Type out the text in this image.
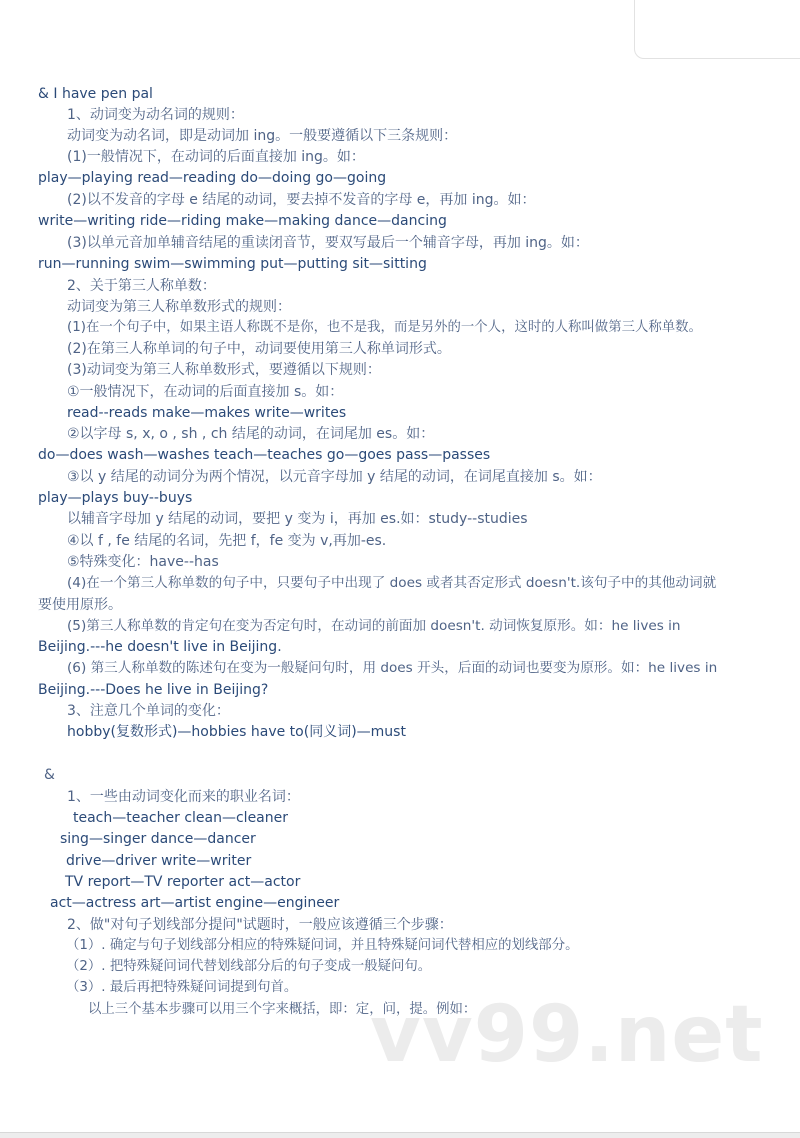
& I have pen pal
1、动词变为动名词的规则：
动词变为动名词，即是动词加 ing。一般要遵循以下三条规则：
(1)一般情况下，在动词的后面直接加 ing。如：
play—playing read—reading do—doing go—going
(2)以不发音的字母 e 结尾的动词，要去掉不发音的字母 e，再加 ing。如：
write—writing ride—riding make—making dance—dancing
(3)以单元音加单辅音结尾的重读闭音节，要双写最后一个辅音字母，再加 ing。如：
run—running swim—swimming put—putting sit—sitting
2、关于第三人称单数：
动词变为第三人称单数形式的规则：
(1)在一个句子中，如果主语人称既不是你，也不是我，而是另外的一个人，这时的人称叫做第三人称单数。
(2)在第三人称单词的句子中，动词要使用第三人称单词形式。
(3)动词变为第三人称单数形式，要遵循以下规则：
①一般情况下，在动词的后面直接加 s。如：
read--reads make—makes write—writes
②以字母 s, x, o , sh , ch 结尾的动词，在词尾加 es。如：
do—does wash—washes teach—teaches go—goes pass—passes
③以 y 结尾的动词分为两个情况，以元音字母加 y 结尾的动词，在词尾直接加 s。如：
play—plays buy--buys
以辅音字母加 y 结尾的动词，要把 y 变为 i，再加 es.如：study--studies
④以 f , fe 结尾的名词，先把 f，fe 变为 v,再加-es.
⑤特殊变化：have--has
(4)在一个第三人称单数的句子中，只要句子中出现了 does 或者其否定形式 doesn't.该句子中的其他动词就
要使用原形。
(5)第三人称单数的肯定句在变为否定句时，在动词的前面加 doesn't. 动词恢复原形。如：he lives in
Beijing.---he doesn't live in Beijing.
(6) 第三人称单数的陈述句在变为一般疑问句时，用 does 开头，后面的动词也要变为原形。如：he lives in
Beijing.---Does he live in Beijing?
3、注意几个单词的变化：
hobby(复数形式)—hobbies have to(同义词)—must
&
1、一些由动词变化而来的职业名词：
teach—teacher clean—cleaner
sing—singer dance—dancer
drive—driver write—writer
TV report—TV reporter act—actor
act—actress art—artist engine—engineer
2、做"对句子划线部分提问"试题时，一般应该遵循三个步骤：
（1）. 确定与句子划线部分相应的特殊疑问词，并且特殊疑问词代替相应的划线部分。
（2）. 把特殊疑问词代替划线部分后的句子变成一般疑问句。
（3）. 最后再把特殊疑问词提到句首。
以上三个基本步骤可以用三个字来概括，即：定，问，提。例如：
vv99.net
